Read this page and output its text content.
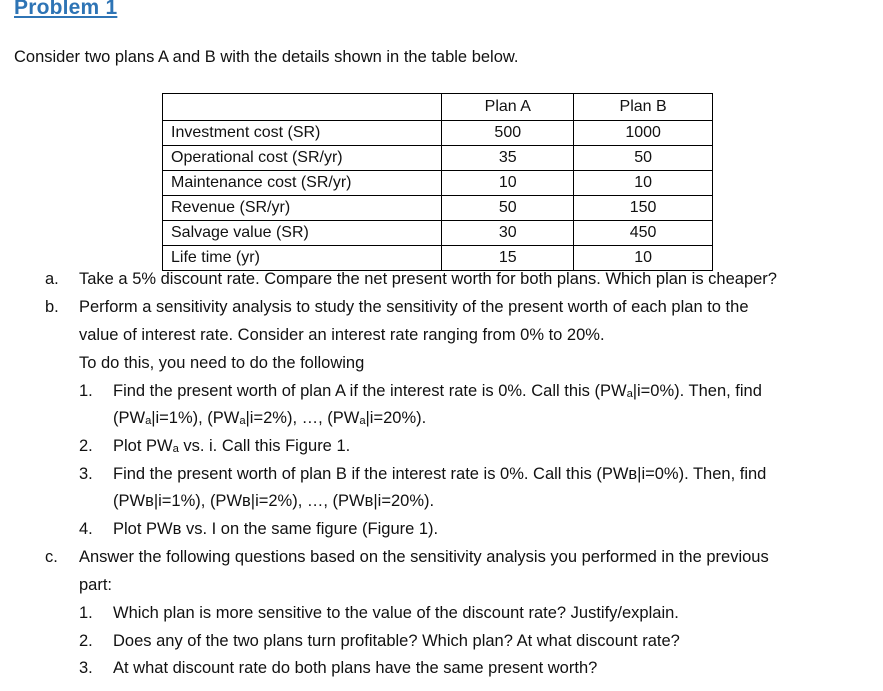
Problem 1
Consider two plans A and B with the details shown in the table below.
	Plan A	Plan B
Investment cost (SR)	500	1000
Operational cost (SR/yr)	35	50
Maintenance cost (SR/yr)	10	10
Revenue (SR/yr)	50	150
Salvage value (SR)	30	450
Life time (yr)	15	10
a. Take a 5% discount rate. Compare the net present worth for both plans. Which plan is cheaper?
b. Perform a sensitivity analysis to study the sensitivity of the present worth of each plan to the
value of interest rate. Consider an interest rate ranging from 0% to 20%.
To do this, you need to do the following
1. Find the present worth of plan A if the interest rate is 0%. Call this (PWₐ|i=0%). Then, find
(PWₐ|i=1%), (PWₐ|i=2%), …, (PWₐ|i=20%).
2. Plot PWₐ vs. i. Call this Figure 1.
3. Find the present worth of plan B if the interest rate is 0%. Call this (PWʙ|i=0%). Then, find
(PWʙ|i=1%), (PWʙ|i=2%), …, (PWʙ|i=20%).
4. Plot PWʙ vs. I on the same figure (Figure 1).
c. Answer the following questions based on the sensitivity analysis you performed in the previous
part:
1. Which plan is more sensitive to the value of the discount rate? Justify/explain.
2. Does any of the two plans turn profitable? Which plan? At what discount rate?
3. At what discount rate do both plans have the same present worth?
